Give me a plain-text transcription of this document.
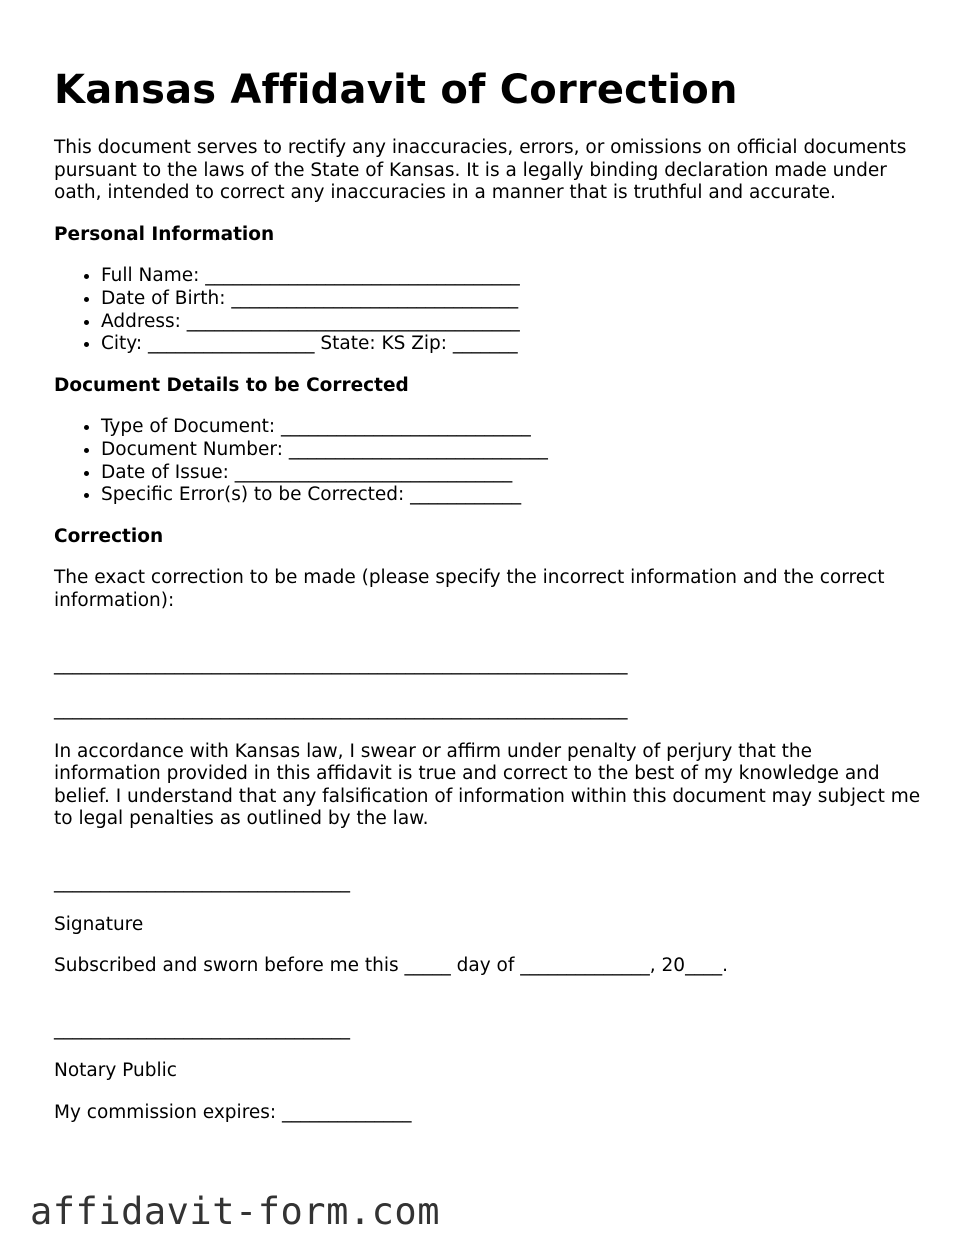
Kansas Affidavit of Correction

This document serves to rectify any inaccuracies, errors, or omissions on official documents pursuant to the laws of the State of Kansas. It is a legally binding declaration made under oath, intended to correct any inaccuracies in a manner that is truthful and accurate.

Personal Information
• Full Name: __________________________________
• Date of Birth: _______________________________
• Address: ____________________________________
• City: __________________ State: KS Zip: _______
Document Details to be Corrected
• Type of Document: ___________________________
• Document Number: ____________________________
• Date of Issue: ______________________________
• Specific Error(s) to be Corrected: ____________
Correction

The exact correction to be made (please specify the incorrect information and the correct information):

______________________________________________________________
______________________________________________________________

In accordance with Kansas law, I swear or affirm under penalty of perjury that the information provided in this affidavit is true and correct to the best of my knowledge and belief. I understand that any falsification of information within this document may subject me to legal penalties as outlined by the law.

________________________________

Signature

Subscribed and sworn before me this _____ day of ______________, 20____.

________________________________

Notary Public

My commission expires: ______________

affidavit-form.com
